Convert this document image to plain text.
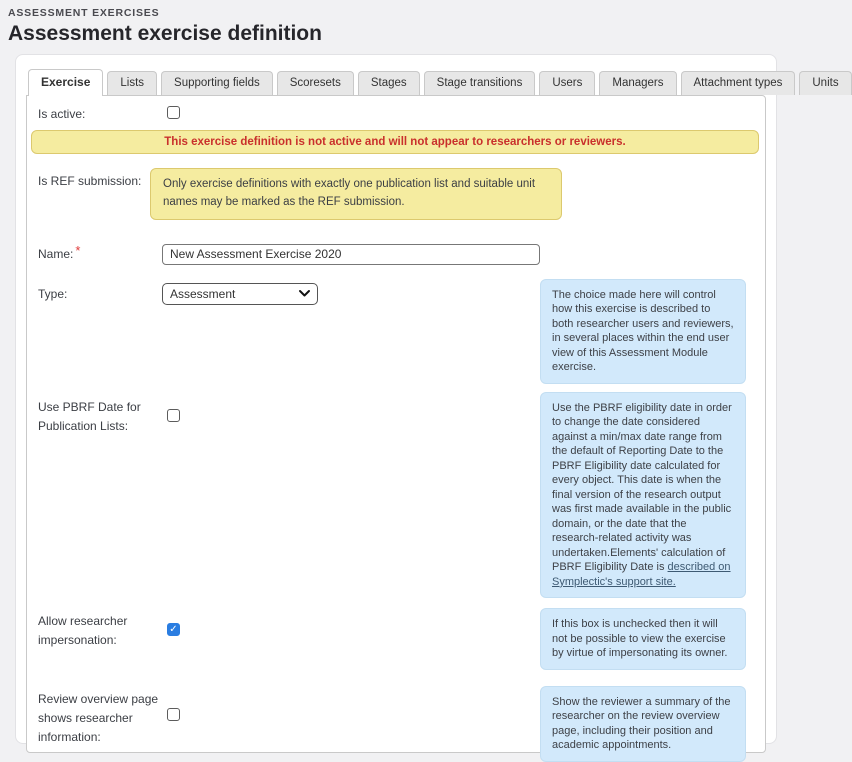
ASSESSMENT EXERCISES
Assessment exercise definition
Exercise	Lists	Supporting fields	Scoresets	Stages	Stage transitions	Users	Managers	Attachment types	Units
Is active:
This exercise definition is not active and will not appear to researchers or reviewers.
Is REF submission:	Only exercise definitions with exactly one publication list and suitable unit names may be marked as the REF submission.
Name: *
New Assessment Exercise 2020
Type:	Assessment	The choice made here will control how this exercise is described to both researcher users and reviewers, in several places within the end user view of this Assessment Module exercise.
Use PBRF Date for Publication Lists:
Use the PBRF eligibility date in order to change the date considered against a min/max date range from the default of Reporting Date to the PBRF Eligibility date calculated for every object. This date is when the final version of the research output was first made available in the public domain, or the date that the research-related activity was undertaken.Elements' calculation of PBRF Eligibility Date is described on Symplectic's support site.
Allow researcher impersonation:
✓
If this box is unchecked then it will not be possible to view the exercise by virtue of impersonating its owner.
Review overview page shows researcher information:
Show the reviewer a summary of the researcher on the review overview page, including their position and academic appointments.
